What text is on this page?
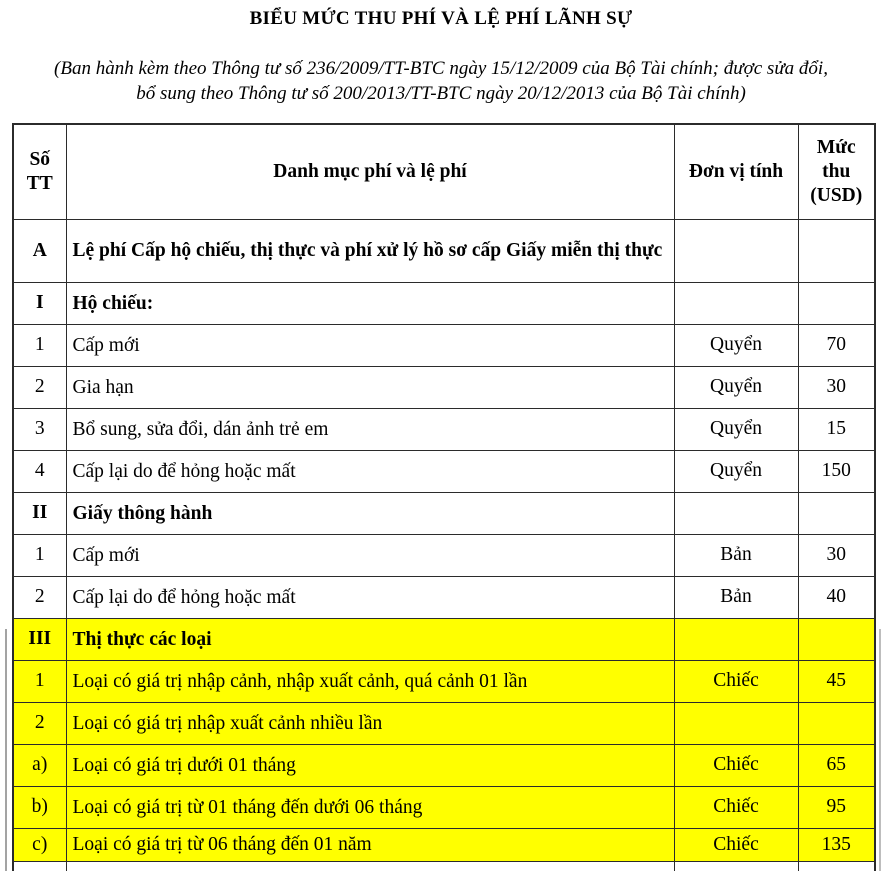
BIỂU MỨC THU PHÍ VÀ LỆ PHÍ LÃNH SỰ
(Ban hành kèm theo Thông tư số 236/2009/TT-BTC ngày 15/12/2009 của Bộ Tài chính; được sửa đổi,
bổ sung theo Thông tư số 200/2013/TT-BTC ngày 20/12/2013 của Bộ Tài chính)
Số TT	Danh mục phí và lệ phí	Đơn vị tính	Mức thu (USD)
A	Lệ phí Cấp hộ chiếu, thị thực và phí xử lý hồ sơ cấp Giấy miễn thị thực		
I	Hộ chiếu:		
1	Cấp mới	Quyển	70
2	Gia hạn	Quyển	30
3	Bổ sung, sửa đổi, dán ảnh trẻ em	Quyển	15
4	Cấp lại do để hỏng hoặc mất	Quyển	150
II	Giấy thông hành		
1	Cấp mới	Bản	30
2	Cấp lại do để hỏng hoặc mất	Bản	40
III	Thị thực các loại		
1	Loại có giá trị nhập cảnh, nhập xuất cảnh, quá cảnh 01 lần	Chiếc	45
2	Loại có giá trị nhập xuất cảnh nhiều lần		
a)	Loại có giá trị dưới 01 tháng	Chiếc	65
b)	Loại có giá trị từ 01 tháng đến dưới 06 tháng	Chiếc	95
c)	Loại có giá trị từ 06 tháng đến 01 năm	Chiếc	135
